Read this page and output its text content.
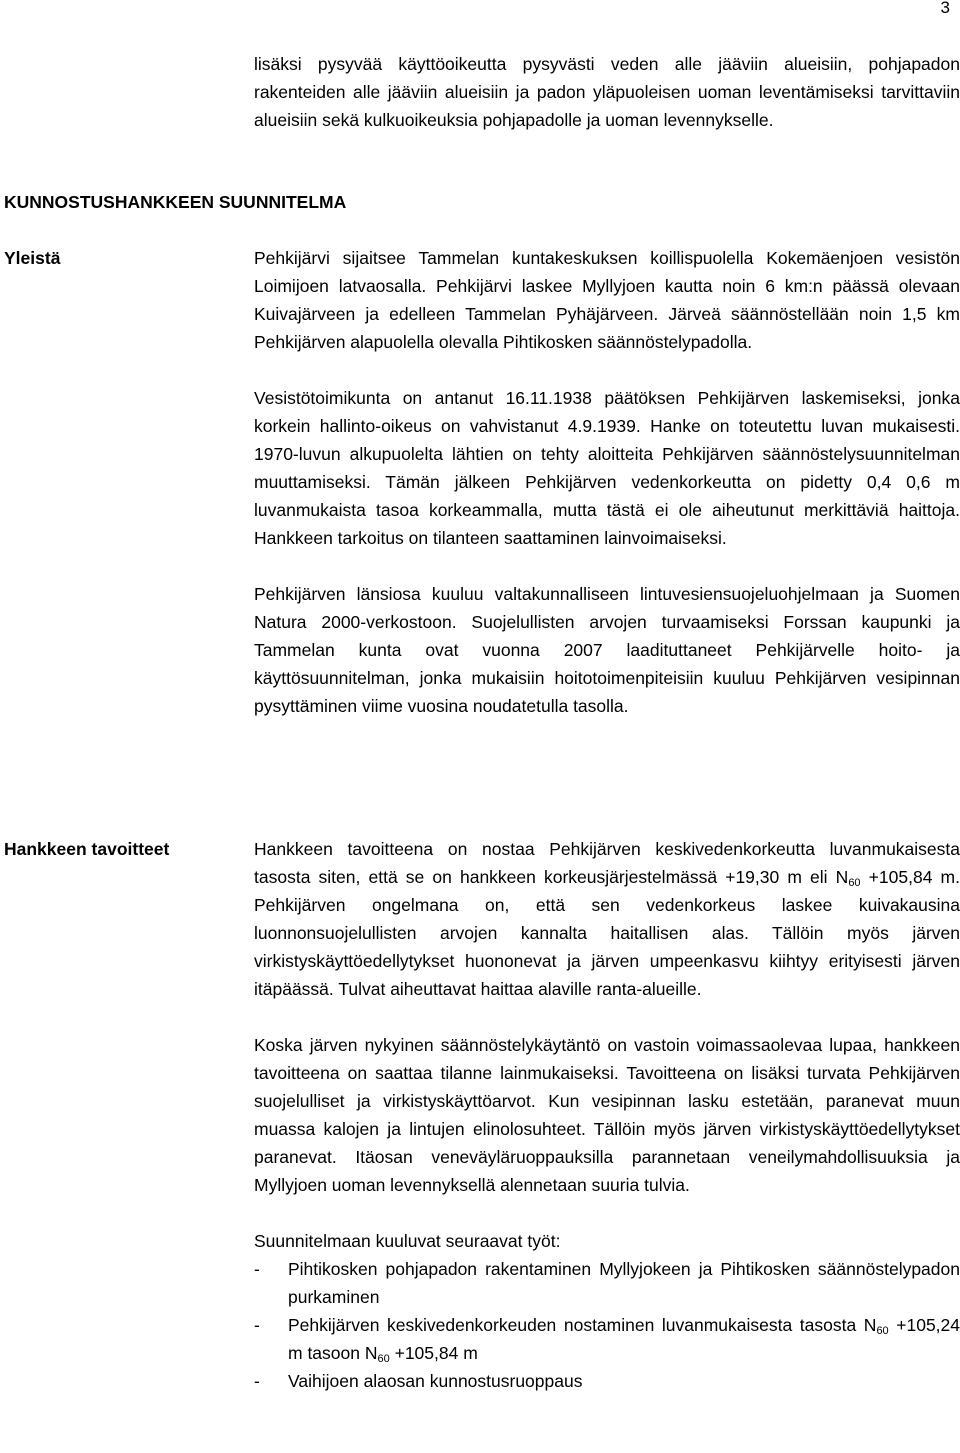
3

lisäksi pysyvää käyttöoikeutta pysyvästi veden alle jääviin alueisiin, pohjapadon rakenteiden alle jääviin alueisiin ja padon yläpuoleisen uoman leventämiseksi tarvittaviin alueisiin sekä kulkuoikeuksia pohjapadolle ja uoman levennykselle.

KUNNOSTUSHANKKEEN SUUNNITELMA
Yleistä	Pehkijärvi sijaitsee Tammelan kuntakeskuksen koillispuolella Kokemäenjoen vesistön Loimijoen latvaosalla. Pehkijärvi laskee Myllyjoen kautta noin 6 km:n päässä olevaan Kuivajärveen ja edelleen Tammelan Pyhäjärveen. Järveä säännöstellään noin 1,5 km Pehkijärven alapuolella olevalla Pihtikosken säännöstelypadolla.

Vesistötoimikunta on antanut 16.11.1938 päätöksen Pehkijärven laskemiseksi, jonka korkein hallinto-oikeus on vahvistanut 4.9.1939. Hanke on toteutettu luvan mukaisesti. 1970-luvun alkupuolelta lähtien on tehty aloitteita Pehkijärven säännöstelysuunnitelman muuttamiseksi. Tämän jälkeen Pehkijärven vedenkorkeutta on pidetty 0,4 0,6 m luvanmukaista tasoa korkeammalla, mutta tästä ei ole aiheutunut merkittäviä haittoja. Hankkeen tarkoitus on tilanteen saattaminen lainvoimaiseksi.

Pehkijärven länsiosa kuuluu valtakunnalliseen lintuvesiensuojeluohjelmaan ja Suomen Natura 2000-verkostoon. Suojelullisten arvojen turvaamiseksi Forssan kaupunki ja Tammelan kunta ovat vuonna 2007 laadituttaneet Pehkijärvelle hoito- ja käyttösuunnitelman, jonka mukaisiin hoitotoimenpiteisiin kuuluu Pehkijärven vesipinnan pysyttäminen viime vuosina noudatetulla tasolla.

Hankkeen tavoitteet	Hankkeen tavoitteena on nostaa Pehkijärven keskivedenkorkeutta luvanmukaisesta tasosta siten, että se on hankkeen korkeusjärjestelmässä +19,30 m eli $N_{60} +105,84$ m. Pehkijärven ongelmana on, että sen vedenkorkeus laskee kuivakausina luonnonsuojelullisten arvojen kannalta haitallisen alas. Tällöin myös järven virkistyskäyttöedellytykset huononevat ja järven umpeenkasvu kiihtyy erityisesti järven itäpäässä. Tulvat aiheuttavat haittaa alaville ranta-alueille.

Koska järven nykyinen säännöstelykäytäntö on vastoin voimassaolevaa lupaa, hankkeen tavoitteena on saattaa tilanne lainmukaiseksi. Tavoitteena on lisäksi turvata Pehkijärven suojelulliset ja virkistyskäyttöarvot. Kun vesipinnan lasku estetään, paranevat muun muassa kalojen ja lintujen elinolosuhteet. Tällöin myös järven virkistyskäyttöedellytykset paranevat. Itäosan veneväyläruoppauksilla parannetaan veneilymahdollisuuksia ja Myllyjoen uoman levennyksellä alennetaan suuria tulvia.

Suunnitelmaan kuuluvat seuraavat työt:

- Pihtikosken pohjapadon rakentaminen Myllyjokeen ja Pihtikosken säännöstelypadon purkaminen
- Pehkijärven keskivedenkorkeuden nostaminen luvanmukaisesta tasosta $N_{60} +105,24$ m tasoon $N_{60} +105,84$ m
- Vaihijoen alaosan kunnostusruoppaus
